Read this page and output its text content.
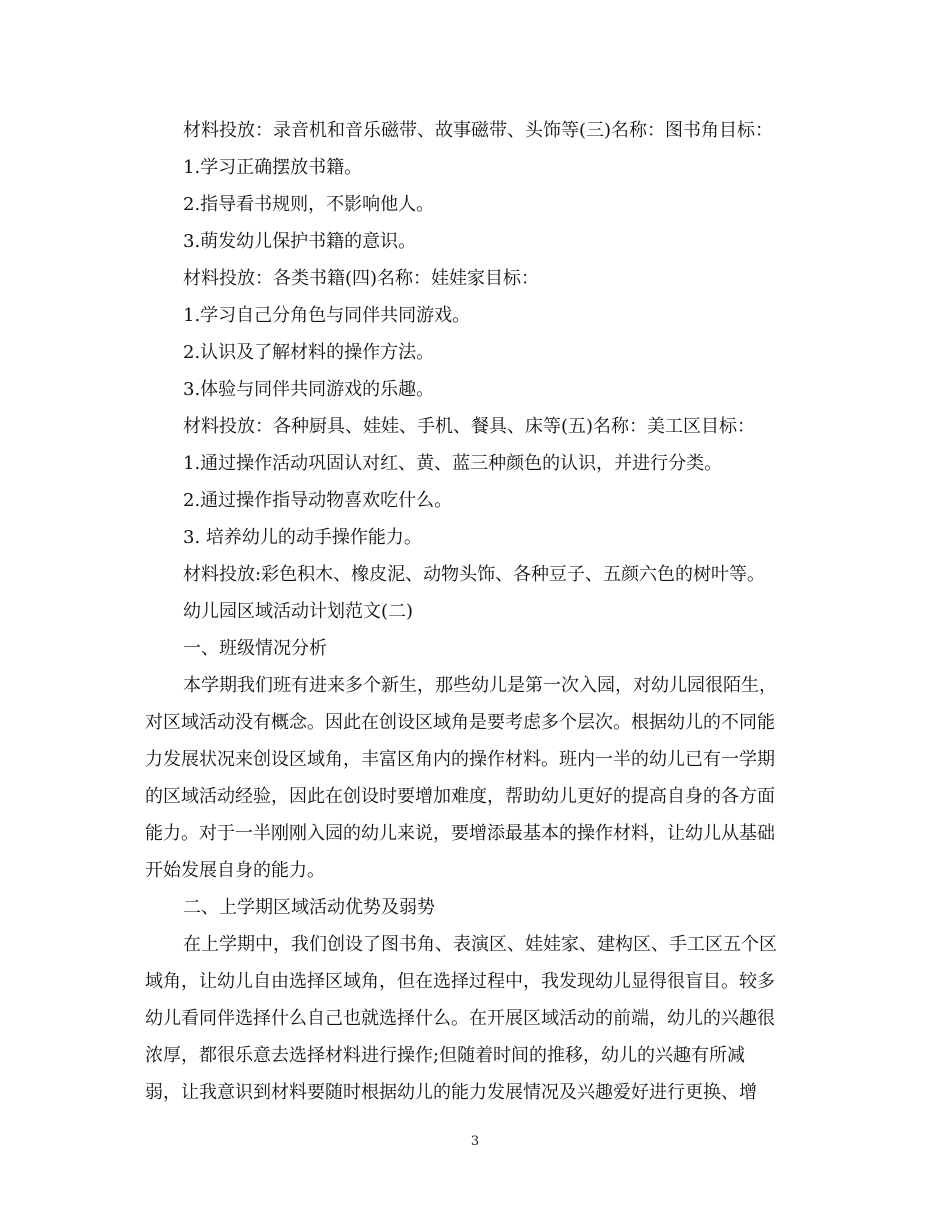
材料投放：录音机和音乐磁带、故事磁带、头饰等(三)名称：图书角目标：
1.学习正确摆放书籍。
2.指导看书规则，不影响他人。
3.萌发幼儿保护书籍的意识。
材料投放：各类书籍(四)名称：娃娃家目标：
1.学习自己分角色与同伴共同游戏。
2.认识及了解材料的操作方法。
3.体验与同伴共同游戏的乐趣。
材料投放：各种厨具、娃娃、手机、餐具、床等(五)名称：美工区目标：
1.通过操作活动巩固认对红、黄、蓝三种颜色的认识，并进行分类。
2.通过操作指导动物喜欢吃什么。
3. 培养幼儿的动手操作能力。
材料投放:彩色积木、橡皮泥、动物头饰、各种豆子、五颜六色的树叶等。
幼儿园区域活动计划范文(二)
一、班级情况分析
本学期我们班有进来多个新生，那些幼儿是第一次入园，对幼儿园很陌生，
对区域活动没有概念。因此在创设区域角是要考虑多个层次。根据幼儿的不同能
力发展状况来创设区域角，丰富区角内的操作材料。班内一半的幼儿已有一学期
的区域活动经验，因此在创设时要增加难度，帮助幼儿更好的提高自身的各方面
能力。对于一半刚刚入园的幼儿来说，要增添最基本的操作材料，让幼儿从基础
开始发展自身的能力。
二、上学期区域活动优势及弱势
在上学期中，我们创设了图书角、表演区、娃娃家、建构区、手工区五个区
域角，让幼儿自由选择区域角，但在选择过程中，我发现幼儿显得很盲目。较多
幼儿看同伴选择什么自己也就选择什么。在开展区域活动的前端，幼儿的兴趣很
浓厚，都很乐意去选择材料进行操作;但随着时间的推移，幼儿的兴趣有所减
弱，让我意识到材料要随时根据幼儿的能力发展情况及兴趣爱好进行更换、增
3
